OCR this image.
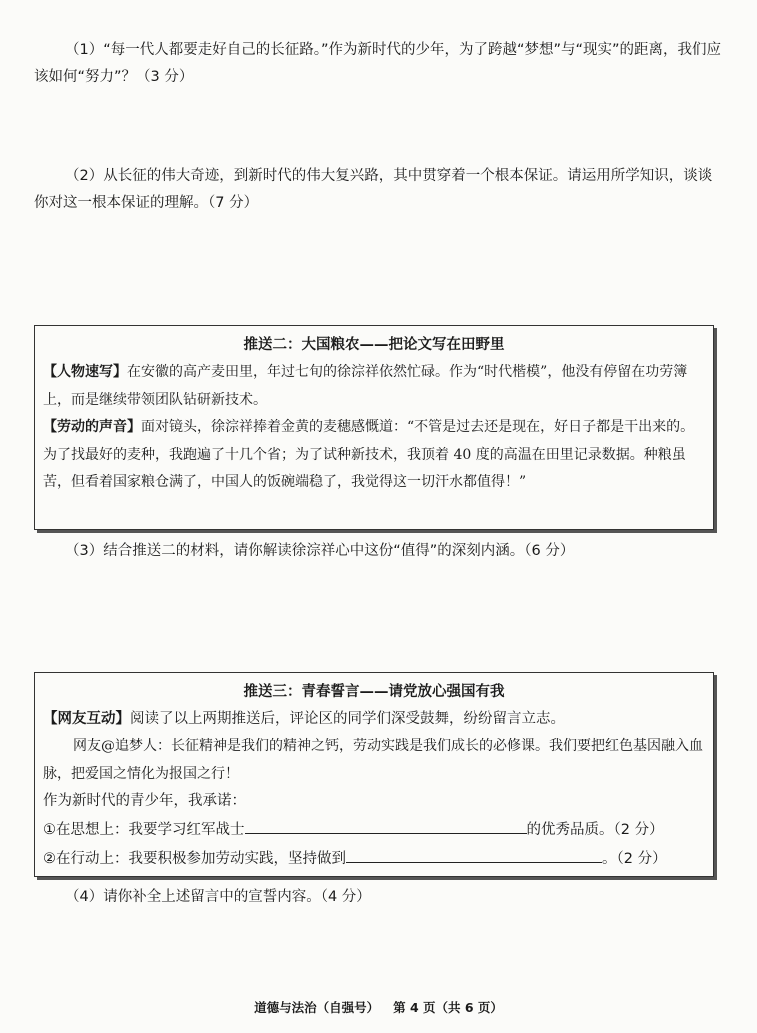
（1）“每一代人都要走好自己的长征路。”作为新时代的少年，为了跨越“梦想”与“现实”的距离，我们应该如何“努力”？（3 分）
（2）从长征的伟大奇迹，到新时代的伟大复兴路，其中贯穿着一个根本保证。请运用所学知识，谈谈你对这一根本保证的理解。（7 分）
推送二：大国粮农——把论文写在田野里

【人物速写】在安徽的高产麦田里，年过七旬的徐淙祥依然忙碌。作为“时代楷模”，他没有停留在功劳簿上，而是继续带领团队钻研新技术。

【劳动的声音】面对镜头，徐淙祥捧着金黄的麦穗感慨道：“不管是过去还是现在，好日子都是干出来的。为了找最好的麦种，我跑遍了十几个省；为了试种新技术，我顶着 40 度的高温在田里记录数据。种粮虽苦，但看着国家粮仓满了，中国人的饭碗端稳了，我觉得这一切汗水都值得！”

（3）结合推送二的材料，请你解读徐淙祥心中这份“值得”的深刻内涵。（6 分）
推送三：青春誓言——请党放心强国有我

【网友互动】阅读了以上两期推送后，评论区的同学们深受鼓舞，纷纷留言立志。

网友@追梦人：长征精神是我们的精神之钙，劳动实践是我们成长的必修课。我们要把红色基因融入血脉，把爱国之情化为报国之行！

作为新时代的青少年，我承诺：

①在思想上：我要学习红军战士	的优秀品质。（2 分）

②在行动上：我要积极参加劳动实践，坚持做到	。（2 分）

（4）请你补全上述留言中的宣誓内容。（4 分）
道德与法治（自强号） 第 4 页（共 6 页）
